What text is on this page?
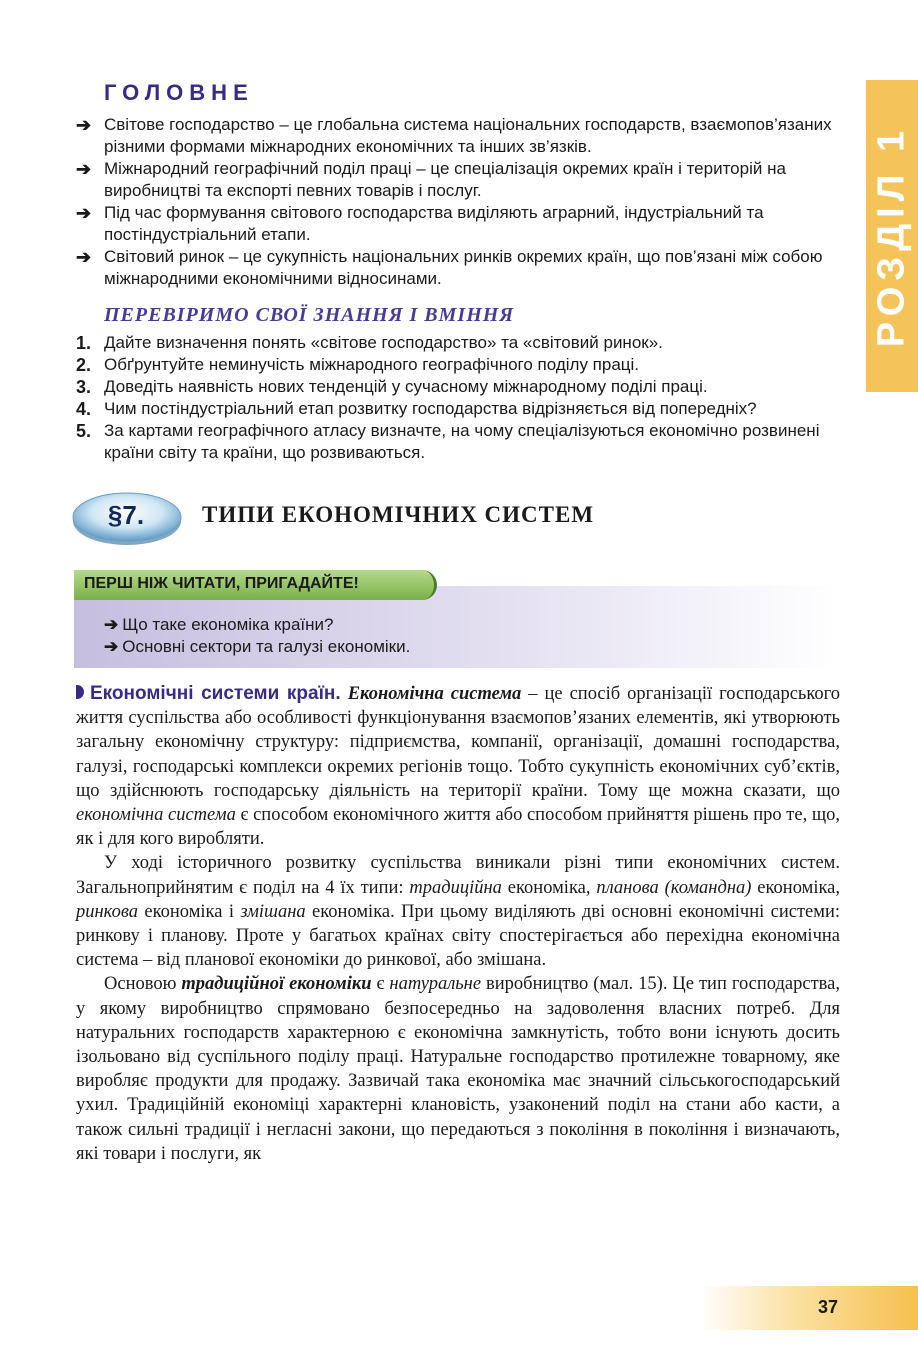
РОЗДІЛ 1
ГОЛОВНЕ
➔ Світове господарство – це глобальна система національних господарств, взаємопов’язаних різними формами міжнародних економічних та інших зв’язків.
➔ Міжнародний географічний поділ праці – це спеціалізація окремих країн і територій на виробництві та експорті певних товарів і послуг.
➔ Під час формування світового господарства виділяють аграрний, індустріальний та постіндустріальний етапи.
➔ Світовий ринок – це сукупність національних ринків окремих країн, що пов’язані між собою міжнародними економічними відносинами.
ПЕРЕВІРИМО СВОЇ ЗНАННЯ І ВМІННЯ
1. Дайте визначення понять «світове господарство» та «світовий ринок».
2. Обґрунтуйте неминучість міжнародного географічного поділу праці.
3. Доведіть наявність нових тенденцій у сучасному міжнародному поділі праці.
4. Чим постіндустріальний етап розвитку господарства відрізняється від попередніх?
5. За картами географічного атласу визначте, на чому спеціалізуються економічно розвинені країни світу та країни, що розвиваються.
§7.	ТИПИ ЕКОНОМІЧНИХ СИСТЕМ
ПЕРШ НІЖ ЧИТАТИ, ПРИГАДАЙТЕ!
➔ Що таке економіка країни?
➔ Основні сектори та галузі економіки.

Економічні системи країн. Економічна система – це спосіб організації господарського життя суспільства або особливості функціонування взаємопов’язаних елементів, які утворюють загальну економічну структуру: підприємства, компанії, організації, домашні господарства, галузі, господарські комплекси окремих регіонів тощо. Тобто сукупність економічних суб’єктів, що здійснюють господарську діяльність на території країни. Тому ще можна сказати, що економічна система є способом економічного життя або способом прийняття рішень про те, що, як і для кого виробляти.

У ході історичного розвитку суспільства виникали різні типи економічних систем. Загальноприйнятим є поділ на 4 їх типи: традиційна економіка, планова (командна) економіка, ринкова економіка і змішана економіка. При цьому виділяють дві основні економічні системи: ринкову і планову. Проте у багатьох країнах світу спостерігається або перехідна економічна система – від планової економіки до ринкової, або змішана.

Основою традиційної економіки є натуральне виробництво (мал. 15). Це тип господарства, у якому виробництво спрямовано безпосередньо на задоволення власних потреб. Для натуральних господарств характерною є економічна замкнутість, тобто вони існують досить ізольовано від суспільного поділу праці. Натуральне господарство протилежне товарному, яке виробляє продукти для продажу. Зазвичай така економіка має значний сільськогосподарський ухил. Традиційній економіці характерні клановість, узаконений поділ на стани або касти, а також сильні традиції і негласні закони, що передаються з покоління в покоління і визначають, які товари і послуги, як

37
